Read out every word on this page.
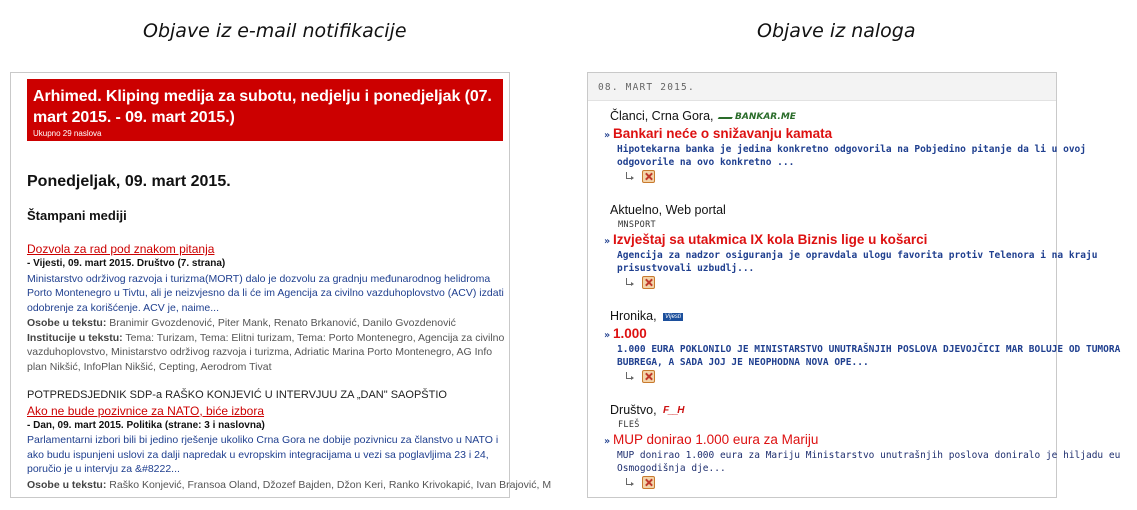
Objave iz e-mail notifikacije	Objave iz naloga
Arhimed. Kliping medija za subotu, nedjelju i ponedjeljak (07. mart 2015. - 09. mart 2015.)
Ukupno 29 naslova
Ponedjeljak, 09. mart 2015.
Štampani mediji
Dozvola za rad pod znakom pitanja
- Vijesti, 09. mart 2015. Društvo (7. strana)
Ministarstvo održivog razvoja i turizma(MORT) dalo je dozvolu za gradnju međunarodnog helidroma Porto Montenegro u Tivtu, ali je neizvjesno da li će im Agencija za civilno vazduhoplovstvo (ACV) izdati odobrenje za korišćenje. ACV je, naime...
Osobe u tekstu: Branimir Gvozdenović, Piter Mank, Renato Brkanović, Danilo Gvozdenović
Institucije u tekstu: Tema: Turizam, Tema: Elitni turizam, Tema: Porto Montenegro, Agencija za civilno vazduhoplovstvo, Ministarstvo održivog razvoja i turizma, Adriatic Marina Porto Montenegro, AG Info plan Nikšić, InfoPlan Nikšić, Cepting, Aerodrom Tivat
POTPREDSJEDNIK SDP-a RAŠKO KONJEVIĆ U INTERVJUU ZA „DAN" SAOPŠTIO
Ako ne bude pozivnice za NATO, biće izbora
- Dan, 09. mart 2015. Politika (strane: 3 i naslovna)
Parlamentarni izbori bili bi jedino rješenje ukoliko Crna Gora ne dobije pozivnicu za članstvo u NATO i ako budu ispunjeni uslovi za dalji napredak u evropskim integracijama u vezi sa poglavljima 23 i 24, poručio je u intervju za &#8222...
Osobe u tekstu: Raško Konjević, Fransoa Oland, Džozef Bajden, Džon Keri, Ranko Krivokapić, Ivan Brajović, M
08. MART 2015.
Članci, Crna Gora, BANKAR.ME
» Bankari neće o snižavanju kamata
Hipotekarna banka je jedina konkretno odgovorila na Pobjedino pitanje da li u ovoj odgovorile na ovo konkretno ...
Aktuelno, Web portal
MNSPORT
» Izvještaj sa utakmica IX kola Biznis lige u košarci
Agencija za nadzor osiguranja je opravdala ulogu favorita protiv Telenora i na kraju prisustvovali uzbudlj...
Hronika, Vijesti
» 1.000
1.000 EURA POKLONILO JE MINISTARSTVO UNUTRAŠNJIH POSLOVA DJEVOJČICI MAR BOLUJE OD TUMORA BUBREGA, A SADA JOJ JE NEOPHODNA NOVA OPE...
Društvo, F__H
FLEŠ
» MUP donirao 1.000 eura za Mariju
MUP donirao 1.000 eura za Mariju Ministarstvo unutrašnjih poslova doniralo je hiljadu eu Osmogodišnja dje...
